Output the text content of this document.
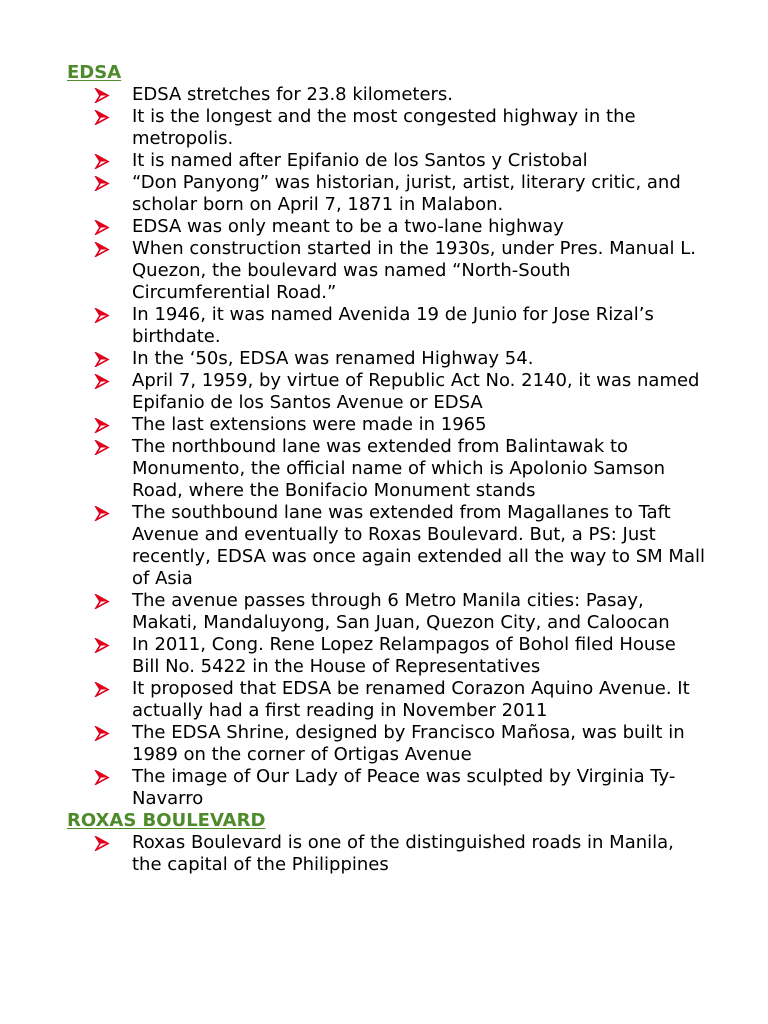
EDSA
EDSA stretches for 23.8 kilometers.
It is the longest and the most congested highway in the metropolis.
It is named after Epifanio de los Santos y Cristobal
“Don Panyong” was historian, jurist, artist, literary critic, and scholar born on April 7, 1871 in Malabon.
EDSA was only meant to be a two-lane highway
When construction started in the 1930s, under Pres. Manual L. Quezon, the boulevard was named “North-South Circumferential Road.”
In 1946, it was named Avenida 19 de Junio for Jose Rizal’s birthdate.
In the ‘50s, EDSA was renamed Highway 54.
April 7, 1959, by virtue of Republic Act No. 2140, it was named Epifanio de los Santos Avenue or EDSA
The last extensions were made in 1965
The northbound lane was extended from Balintawak to Monumento, the official name of which is Apolonio Samson Road, where the Bonifacio Monument stands
The southbound lane was extended from Magallanes to Taft Avenue and eventually to Roxas Boulevard. But, a PS: Just recently, EDSA was once again extended all the way to SM Mall of Asia
The avenue passes through 6 Metro Manila cities: Pasay, Makati, Mandaluyong, San Juan, Quezon City, and Caloocan
In 2011, Cong. Rene Lopez Relampagos of Bohol filed House Bill No. 5422 in the House of Representatives
It proposed that EDSA be renamed Corazon Aquino Avenue. It actually had a first reading in November 2011
The EDSA Shrine, designed by Francisco Mañosa, was built in 1989 on the corner of Ortigas Avenue
The image of Our Lady of Peace was sculpted by Virginia Ty-Navarro
ROXAS BOULEVARD
Roxas Boulevard is one of the distinguished roads in Manila, the capital of the Philippines
